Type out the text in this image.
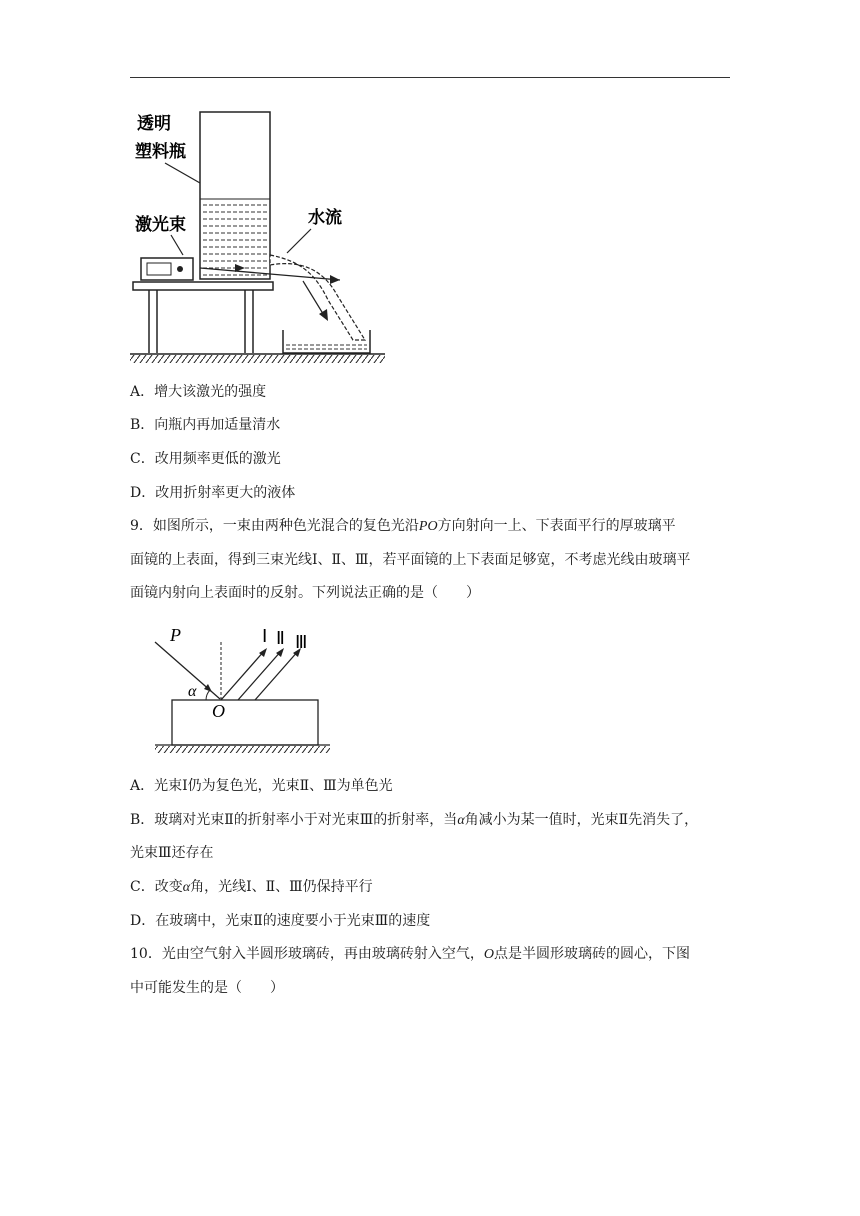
透明
塑料瓶
激光束	水流
A．增大该激光的强度
B．向瓶内再加适量清水
C．改用频率更低的激光
D．改用折射率更大的液体
9．如图所示，一束由两种色光混合的复色光沿PO方向射向一上、下表面平行的厚玻璃平
面镜的上表面，得到三束光线Ⅰ、Ⅱ、Ⅲ，若平面镜的上下表面足够宽，不考虑光线由玻璃平
面镜内射向上表面时的反射。下列说法正确的是（　　）
P
O
α
Ⅰ Ⅱ Ⅲ
A．光束Ⅰ仍为复色光，光束Ⅱ、Ⅲ为单色光
B．玻璃对光束Ⅱ的折射率小于对光束Ⅲ的折射率，当α角减小为某一值时，光束Ⅱ先消失了，
光束Ⅲ还存在
C．改变α角，光线Ⅰ、Ⅱ、Ⅲ仍保持平行
D．在玻璃中，光束Ⅱ的速度要小于光束Ⅲ的速度
10．光由空气射入半圆形玻璃砖，再由玻璃砖射入空气，O点是半圆形玻璃砖的圆心，下图
中可能发生的是（　　）
